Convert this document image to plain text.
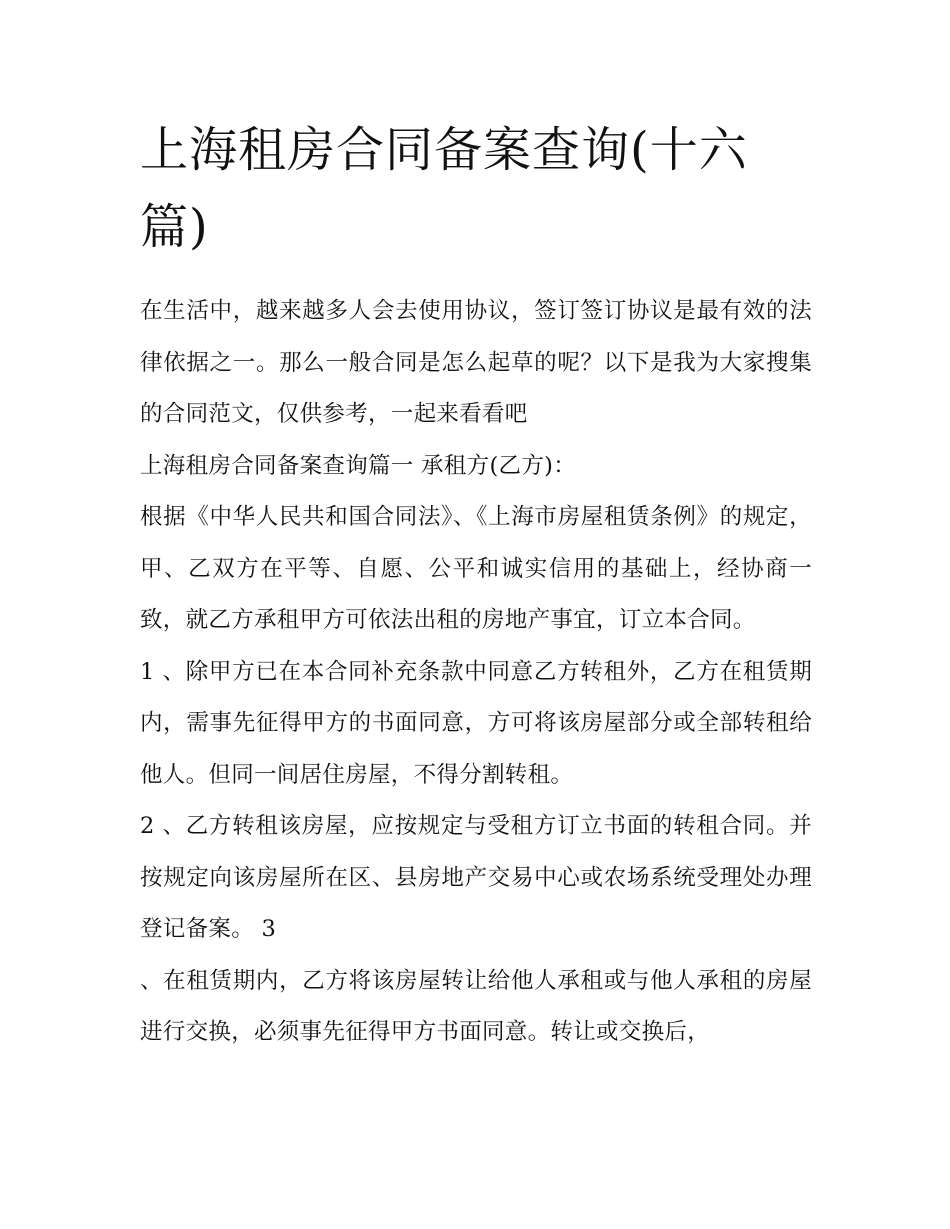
上海租房合同备案查询(十六篇)

在生活中，越来越多人会去使用协议，签订签订协议是最有效的法律依据之一。那么一般合同是怎么起草的呢？以下是我为大家搜集的合同范文，仅供参考，一起来看看吧

上海租房合同备案查询篇一 承租方(乙方)：

根据《中华人民共和国合同法》、《上海市房屋租赁条例》的规定，甲、乙双方在平等、自愿、公平和诚实信用的基础上，经协商一致，就乙方承租甲方可依法出租的房地产事宜，订立本合同。

1 、除甲方已在本合同补充条款中同意乙方转租外，乙方在租赁期内，需事先征得甲方的书面同意，方可将该房屋部分或全部转租给他人。但同一间居住房屋，不得分割转租。

2 、乙方转租该房屋，应按规定与受租方订立书面的转租合同。并按规定向该房屋所在区、县房地产交易中心或农场系统受理处办理登记备案。 3

、在租赁期内，乙方将该房屋转让给他人承租或与他人承租的房屋进行交换，必须事先征得甲方书面同意。转让或交换后，
